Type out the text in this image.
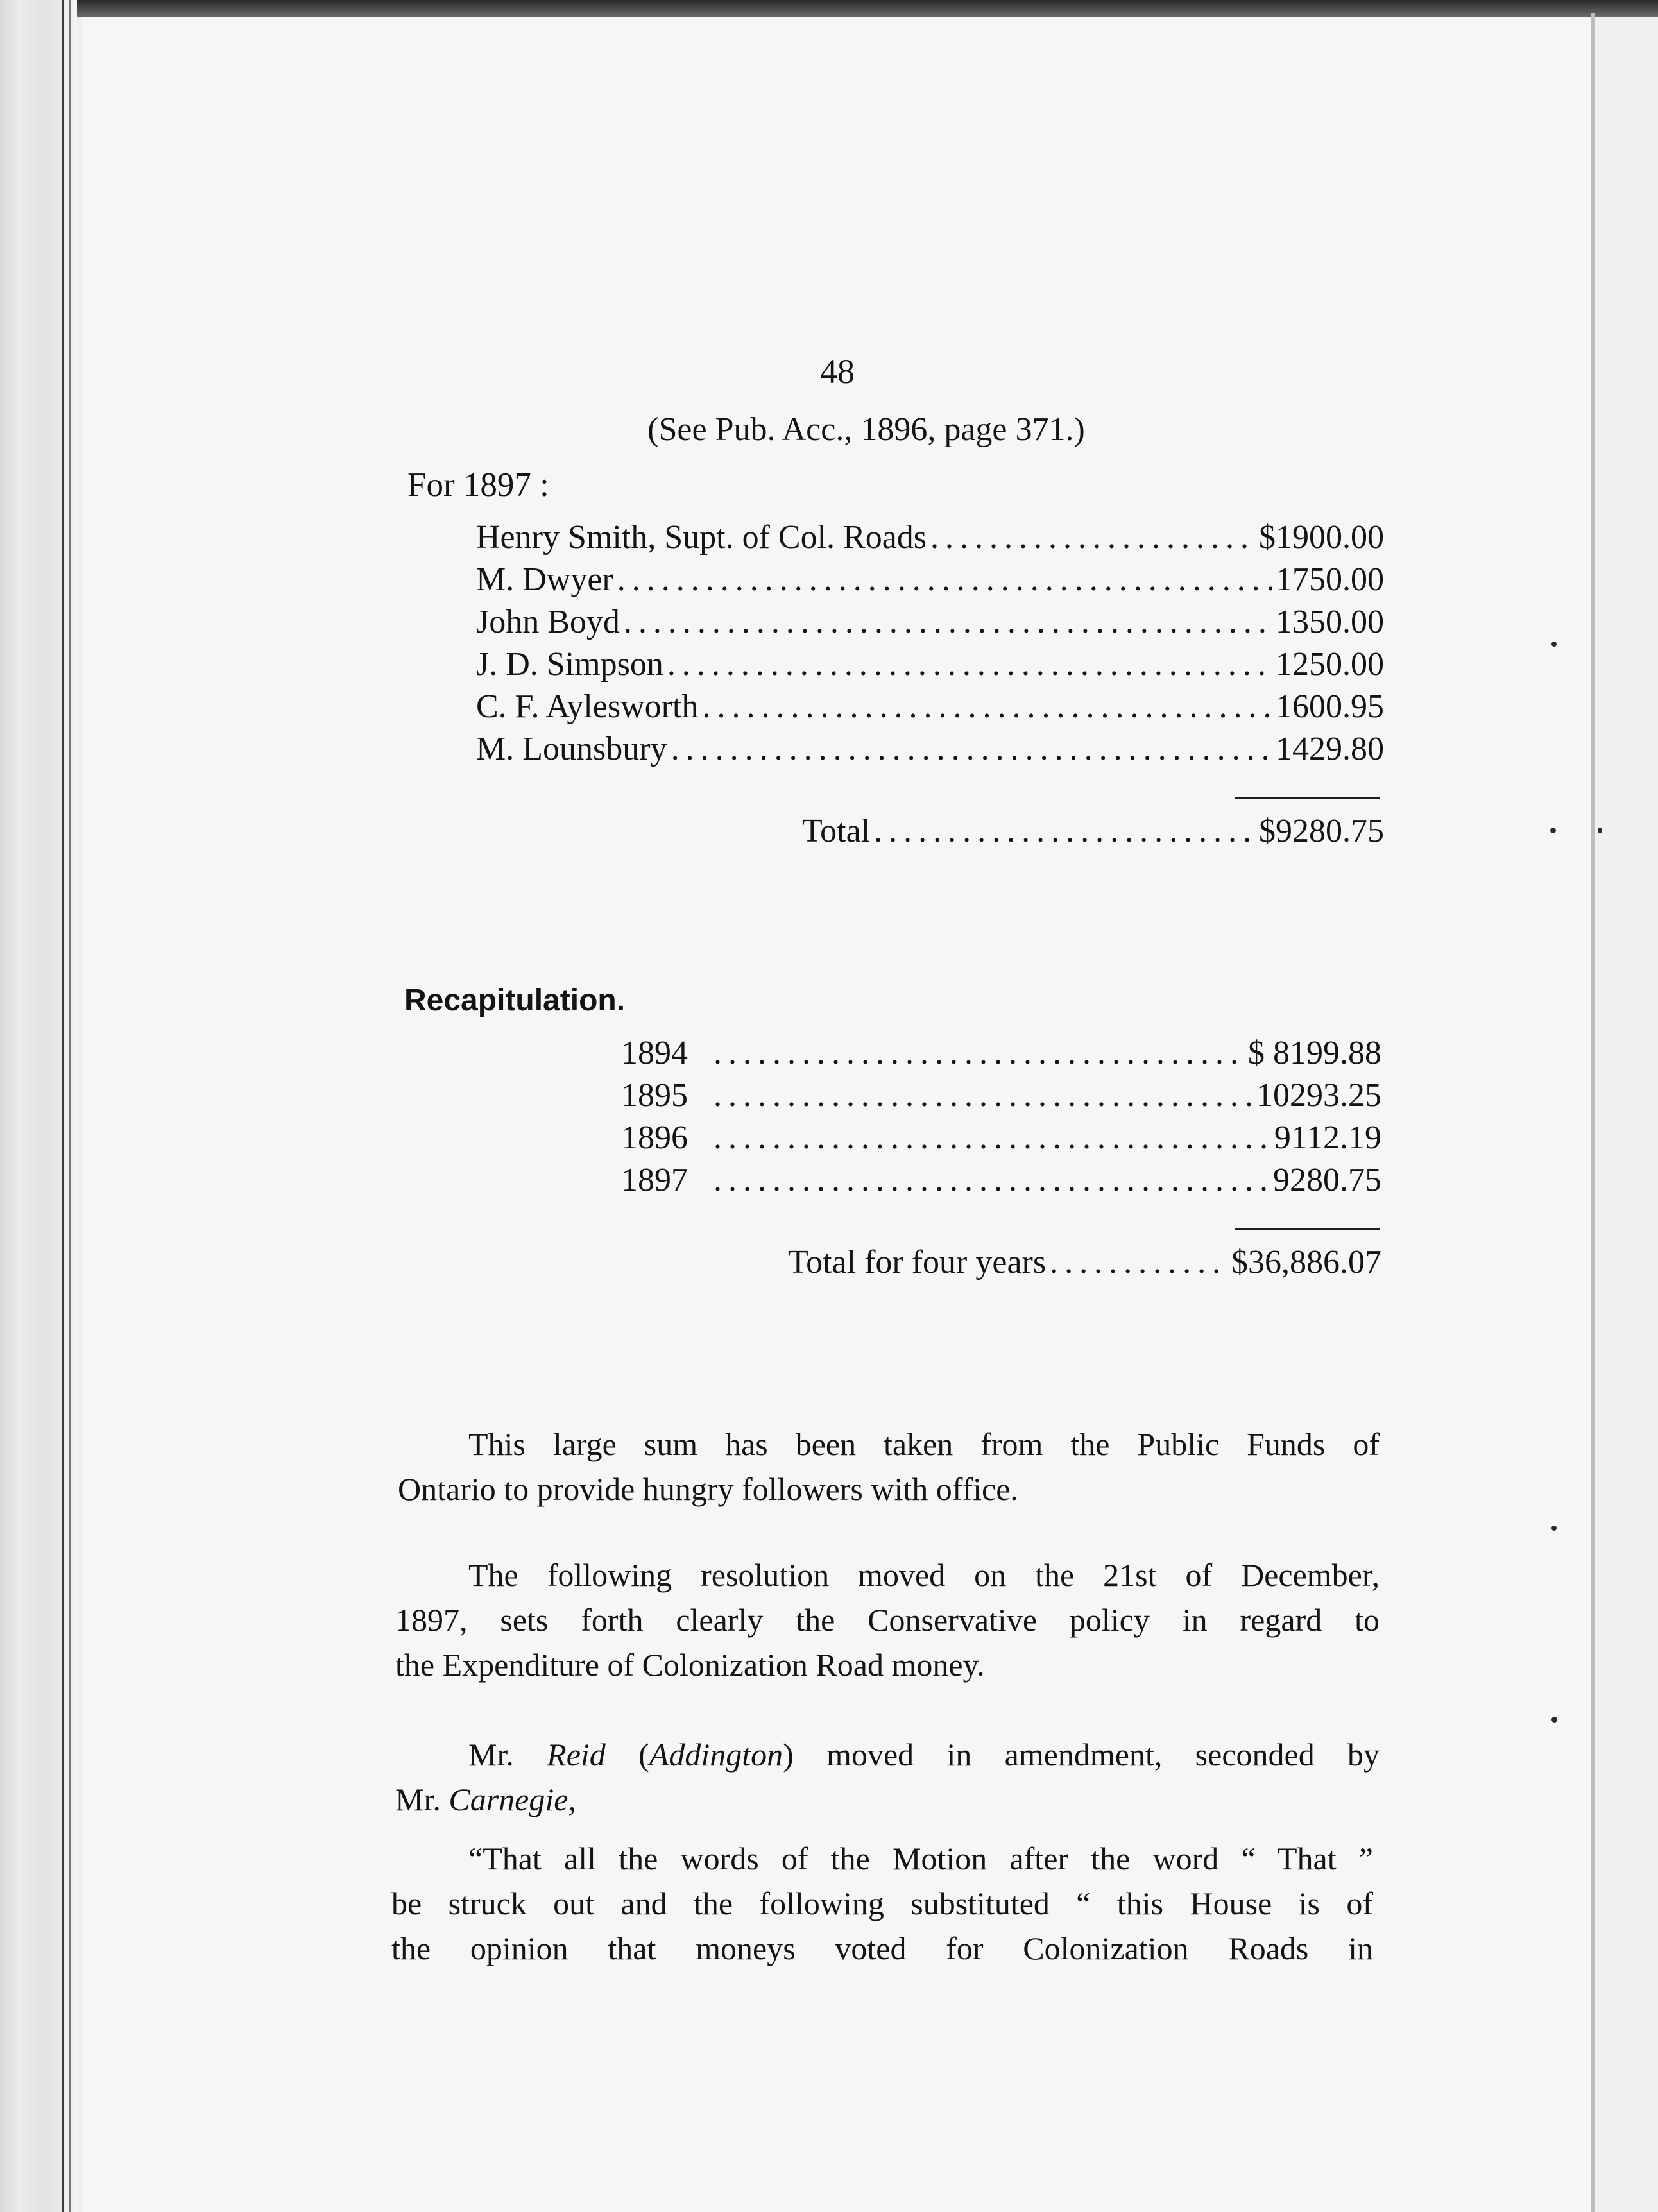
48
(See Pub. Acc., 1896, page 371.)
For 1897 :
Henry Smith, Supt. of Col. Roads .....	$1900.00
M. Dwyer .....	1750.00
John Boyd .....	1350.00
J. D. Simpson .....	1250.00
C. F. Aylesworth .....	1600.95
M. Lounsbury .....	1429.80
Total .....	$9280.75
Recapitulation.
1894 .....	$ 8199.88
1895 .....	10293.25
1896 .....	9112.19
1897 .....	9280.75
Total for four years .....	$36,886.07
This large sum has been taken from the Public Funds of
Ontario to provide hungry followers with office.
The following resolution moved on the 21st of December,
1897, sets forth clearly the Conservative policy in regard to
the Expenditure of Colonization Road money.
Mr. Reid (Addington) moved in amendment, seconded by
Mr. Carnegie,
“That all the words of the Motion after the word “ That ”
be struck out and the following substituted “ this House is of
the opinion that moneys voted for Colonization Roads in
